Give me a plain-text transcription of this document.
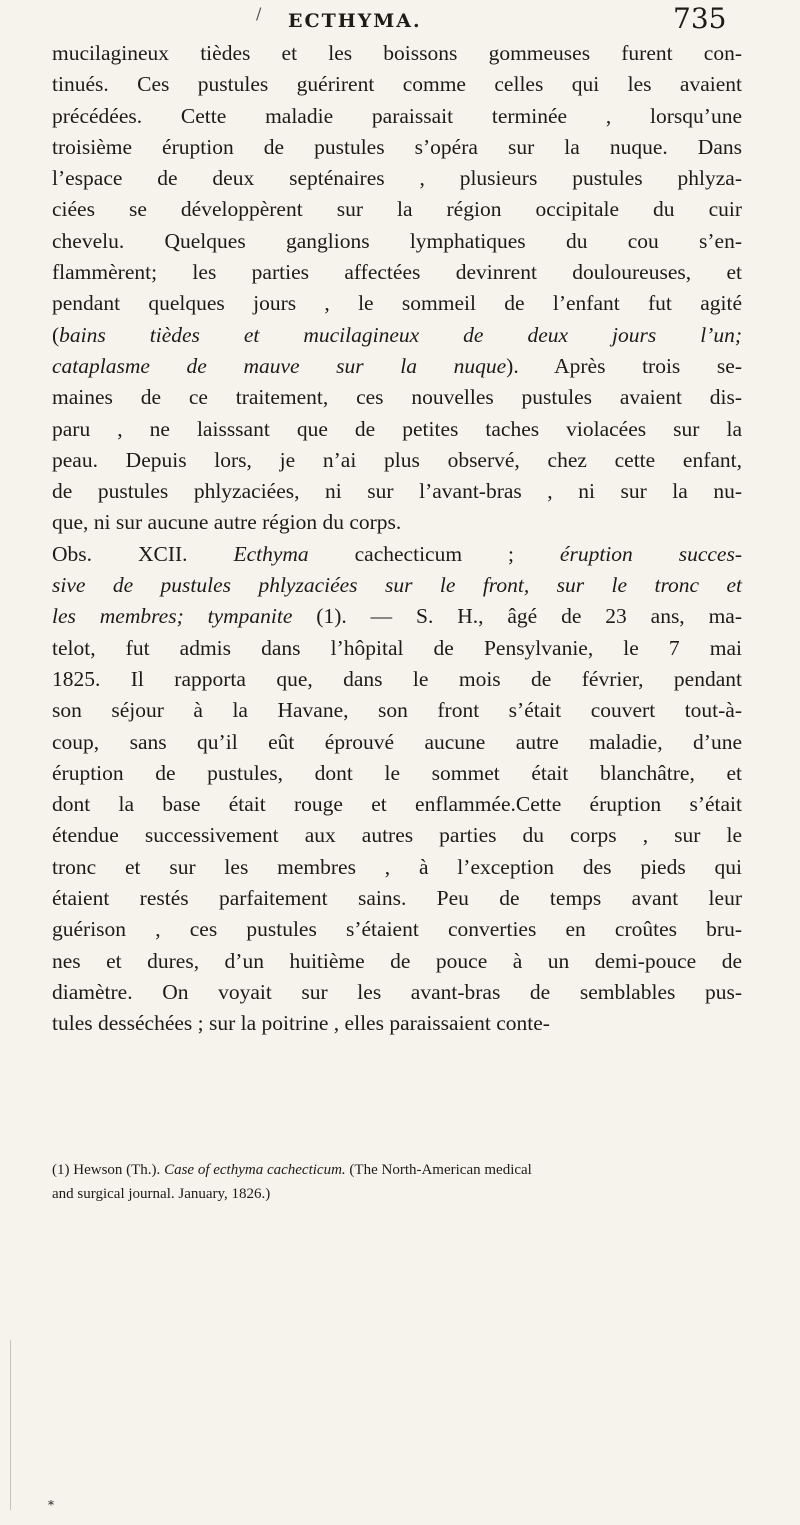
/ ECTHYMA.	735
mucilagineux tièdes et les boissons gommeuses furent con-
tinués. Ces pustules guérirent comme celles qui les avaient
précédées. Cette maladie paraissait terminée , lorsqu’une
troisième éruption de pustules s’opéra sur la nuque. Dans
l’espace de deux septénaires , plusieurs pustules phlyza-
ciées se développèrent sur la région occipitale du cuir
chevelu. Quelques ganglions lymphatiques du cou s’en-
flammèrent; les parties affectées devinrent douloureuses, et
pendant quelques jours , le sommeil de l’enfant fut agité
(bains tièdes et mucilagineux de deux jours l’un;
cataplasme de mauve sur la nuque). Après trois se-
maines de ce traitement, ces nouvelles pustules avaient dis-
paru , ne laisssant que de petites taches violacées sur la
peau. Depuis lors, je n’ai plus observé, chez cette enfant,
de pustules phlyzaciées, ni sur l’avant-bras , ni sur la nu-
que, ni sur aucune autre région du corps.
Obs. XCII. Ecthyma cachecticum ; éruption succes-
sive de pustules phlyzaciées sur le front, sur le tronc et
les membres; tympanite (1). — S. H., âgé de 23 ans, ma-
telot, fut admis dans l’hôpital de Pensylvanie, le 7 mai
1825. Il rapporta que, dans le mois de février, pendant
son séjour à la Havane, son front s’était couvert tout-à-
coup, sans qu’il eût éprouvé aucune autre maladie, d’une
éruption de pustules, dont le sommet était blanchâtre, et
dont la base était rouge et enflammée.Cette éruption s’était
étendue successivement aux autres parties du corps , sur le
tronc et sur les membres , à l’exception des pieds qui
étaient restés parfaitement sains. Peu de temps avant leur
guérison , ces pustules s’étaient converties en croûtes bru-
nes et dures, d’un huitième de pouce à un demi-pouce de
diamètre. On voyait sur les avant-bras de semblables pus-
tules desséchées ; sur la poitrine , elles paraissaient conte-
(1) Hewson (Th.). Case of ecthyma cachecticum. (The North-American medical
and surgical journal. January, 1826.)
*
